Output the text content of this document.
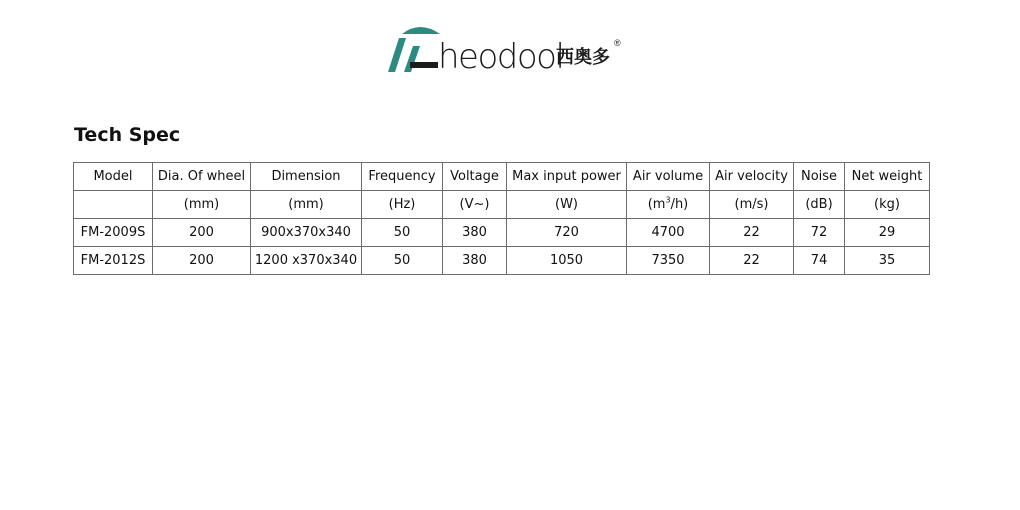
heodool
西奥多
®
Tech Spec
Model	Dia. Of wheel	Dimension	Frequency	Voltage	Max input power	Air volume	Air velocity	Noise	Net weight
	(mm)	(mm)	(Hz)	(V~)	(W)	$(m^3/h)$	(m/s)	(dB)	(kg)
FM-2009S	200	900x370x340	50	380	720	4700	22	72	29
FM-2012S	200	1200 x370x340	50	380	1050	7350	22	74	35
